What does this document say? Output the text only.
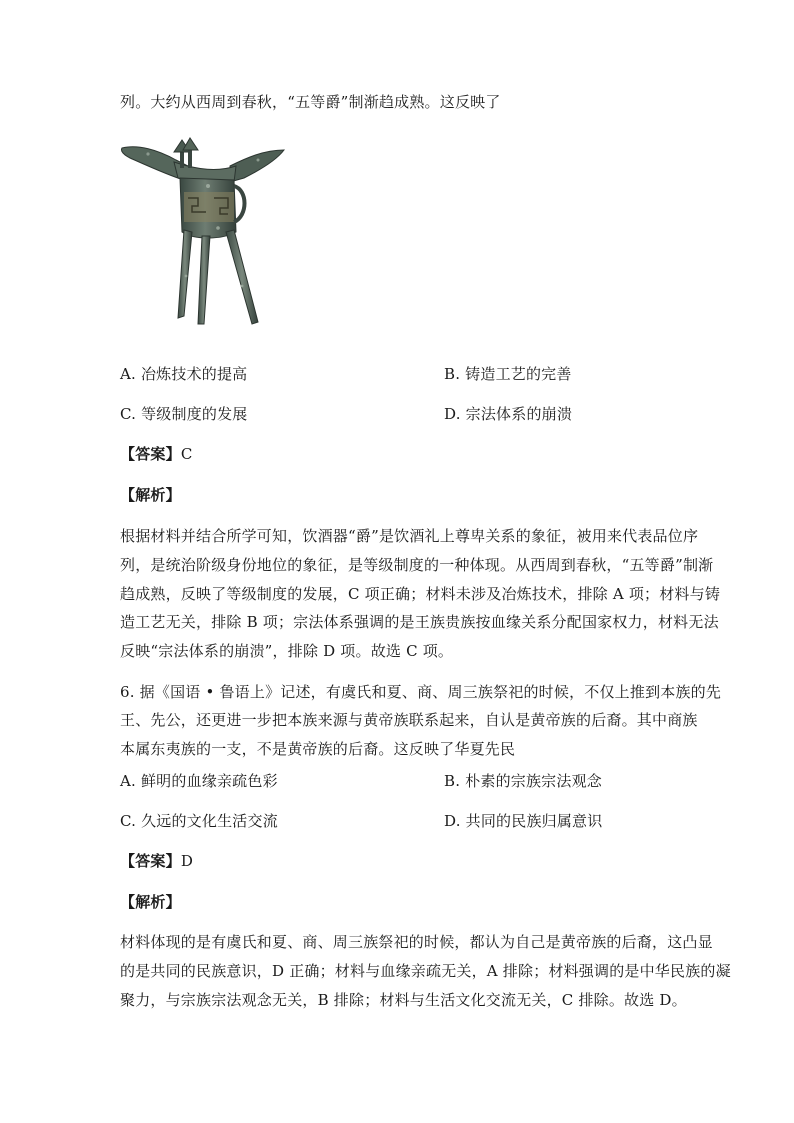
列。大约从西周到春秋，“五等爵”制渐趋成熟。这反映了
A. 冶炼技术的提高	B. 铸造工艺的完善
C. 等级制度的发展	D. 宗法体系的崩溃
【答案】C
【解析】
根据材料并结合所学可知，饮酒器“爵”是饮酒礼上尊卑关系的象征，被用来代表品位序
列，是统治阶级身份地位的象征，是等级制度的一种体现。从西周到春秋，“五等爵”制渐
趋成熟，反映了等级制度的发展，C 项正确；材料未涉及冶炼技术，排除 A 项；材料与铸
造工艺无关，排除 B 项；宗法体系强调的是王族贵族按血缘关系分配国家权力，材料无法
反映“宗法体系的崩溃”，排除 D 项。故选 C 项。
6. 据《国语 • 鲁语上》记述，有虞氏和夏、商、周三族祭祀的时候，不仅上推到本族的先
王、先公，还更进一步把本族来源与黄帝族联系起来，自认是黄帝族的后裔。其中商族
本属东夷族的一支，不是黄帝族的后裔。这反映了华夏先民
A. 鲜明的血缘亲疏色彩	B. 朴素的宗族宗法观念
C. 久远的文化生活交流	D. 共同的民族归属意识
【答案】D
【解析】
材料体现的是有虞氏和夏、商、周三族祭祀的时候，都认为自己是黄帝族的后裔，这凸显
的是共同的民族意识，D 正确；材料与血缘亲疏无关，A 排除；材料强调的是中华民族的凝
聚力，与宗族宗法观念无关，B 排除；材料与生活文化交流无关，C 排除。故选 D。
